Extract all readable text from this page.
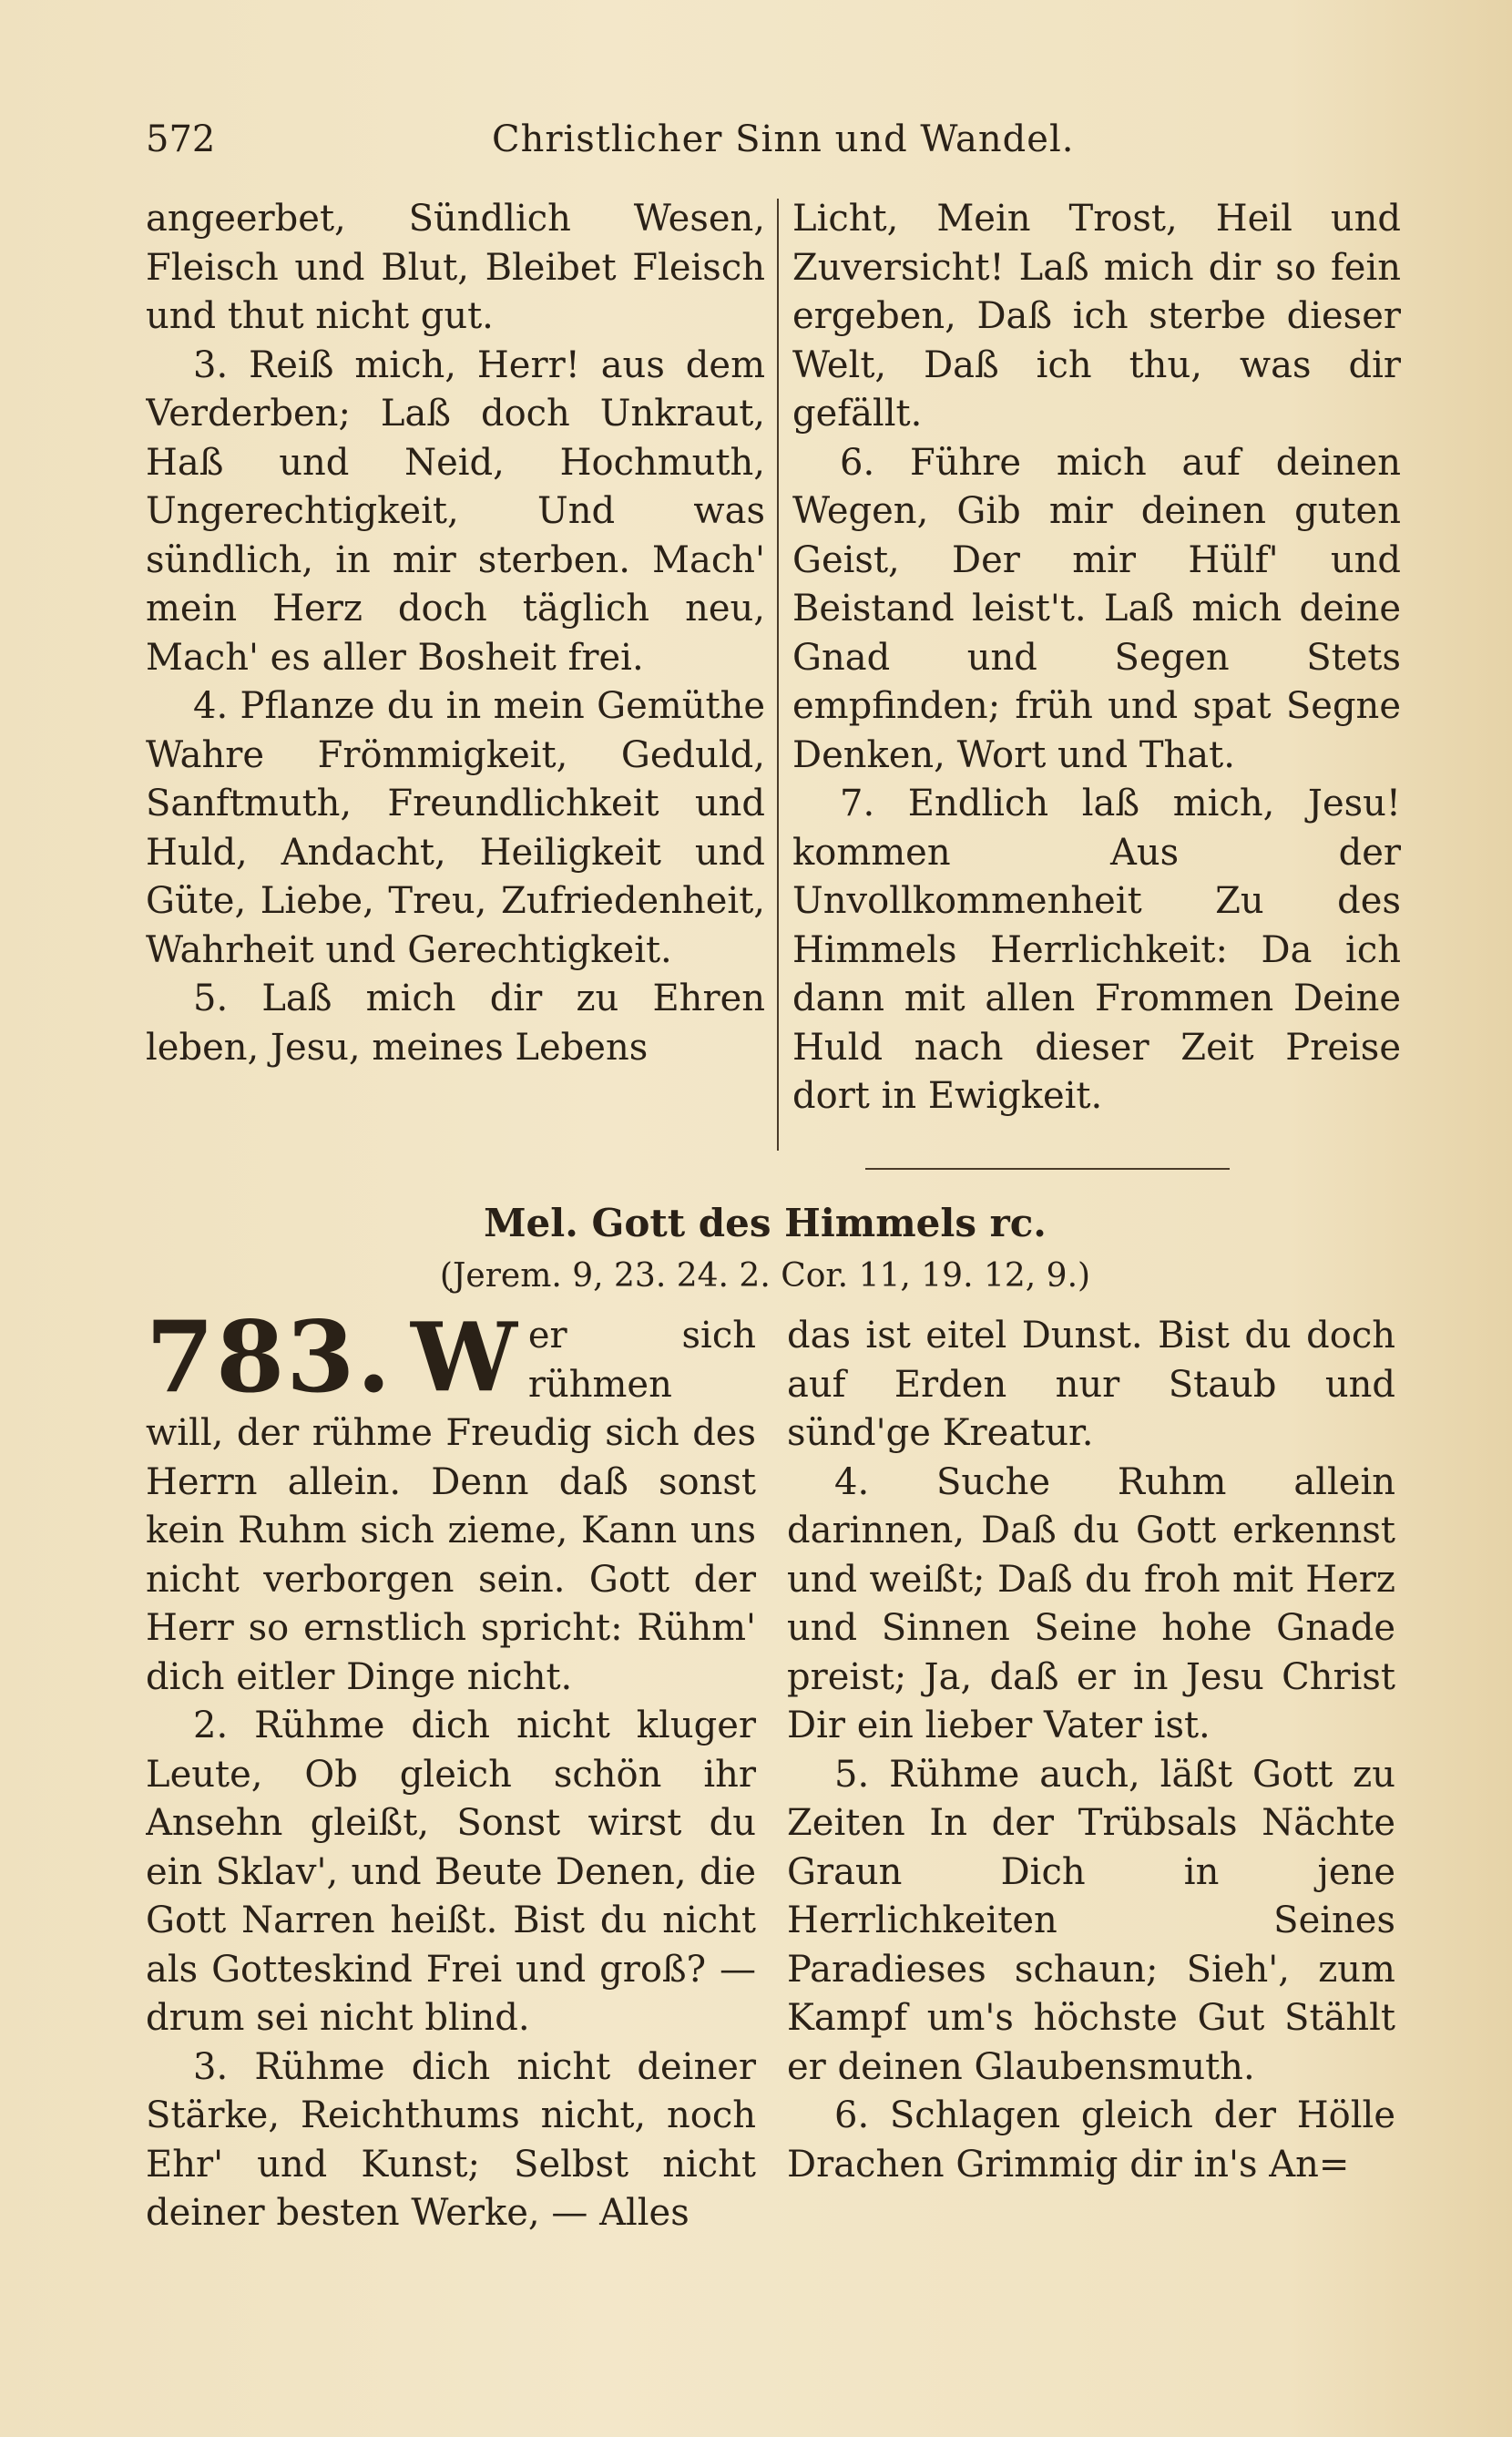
572	Christlicher Sinn und Wandel.

angeerbet, Sündlich Wesen, Fleisch und Blut, Bleibet Fleisch und thut nicht gut.

3. Reiß mich, Herr! aus dem Verderben; Laß doch Unkraut, Haß und Neid, Hochmuth, Ungerechtigkeit, Und was sündlich, in mir sterben. Mach' mein Herz doch täglich neu, Mach' es aller Bosheit frei.

4. Pflanze du in mein Gemüthe Wahre Frömmigkeit, Geduld, Sanftmuth, Freundlichkeit und Huld, Andacht, Heiligkeit und Güte, Liebe, Treu, Zufriedenheit, Wahrheit und Gerechtigkeit.

5. Laß mich dir zu Ehren leben, Jesu, meines Lebens

Licht, Mein Trost, Heil und Zuversicht! Laß mich dir so fein ergeben, Daß ich sterbe dieser Welt, Daß ich thu, was dir gefällt.

6. Führe mich auf deinen Wegen, Gib mir deinen guten Geist, Der mir Hülf' und Beistand leist't. Laß mich deine Gnad und Segen Stets empfinden; früh und spat Segne Denken, Wort und That.

7. Endlich laß mich, Jesu! kommen Aus der Unvollkommenheit Zu des Himmels Herrlichkeit: Da ich dann mit allen Frommen Deine Huld nach dieser Zeit Preise dort in Ewigkeit.

Mel. Gott des Himmels rc.
(Jerem. 9, 23. 24. 2. Cor. 11, 19. 12, 9.)

783. W er sich rühmen will, der rühme Freudig sich des Herrn allein. Denn daß sonst kein Ruhm sich zieme, Kann uns nicht verborgen sein. Gott der Herr so ernstlich spricht: Rühm' dich eitler Dinge nicht.

2. Rühme dich nicht kluger Leute, Ob gleich schön ihr Ansehn gleißt, Sonst wirst du ein Sklav', und Beute Denen, die Gott Narren heißt. Bist du nicht als Gotteskind Frei und groß? — drum sei nicht blind.

3. Rühme dich nicht deiner Stärke, Reichthums nicht, noch Ehr' und Kunst; Selbst nicht deiner besten Werke, — Alles

das ist eitel Dunst. Bist du doch auf Erden nur Staub und sünd'ge Kreatur.

4. Suche Ruhm allein darinnen, Daß du Gott erkennst und weißt; Daß du froh mit Herz und Sinnen Seine hohe Gnade preist; Ja, daß er in Jesu Christ Dir ein lieber Vater ist.

5. Rühme auch, läßt Gott zu Zeiten In der Trübsals Nächte Graun Dich in jene Herrlichkeiten Seines Paradieses schaun; Sieh', zum Kampf um's höchste Gut Stählt er deinen Glaubensmuth.

6. Schlagen gleich der Hölle Drachen Grimmig dir in's An=
